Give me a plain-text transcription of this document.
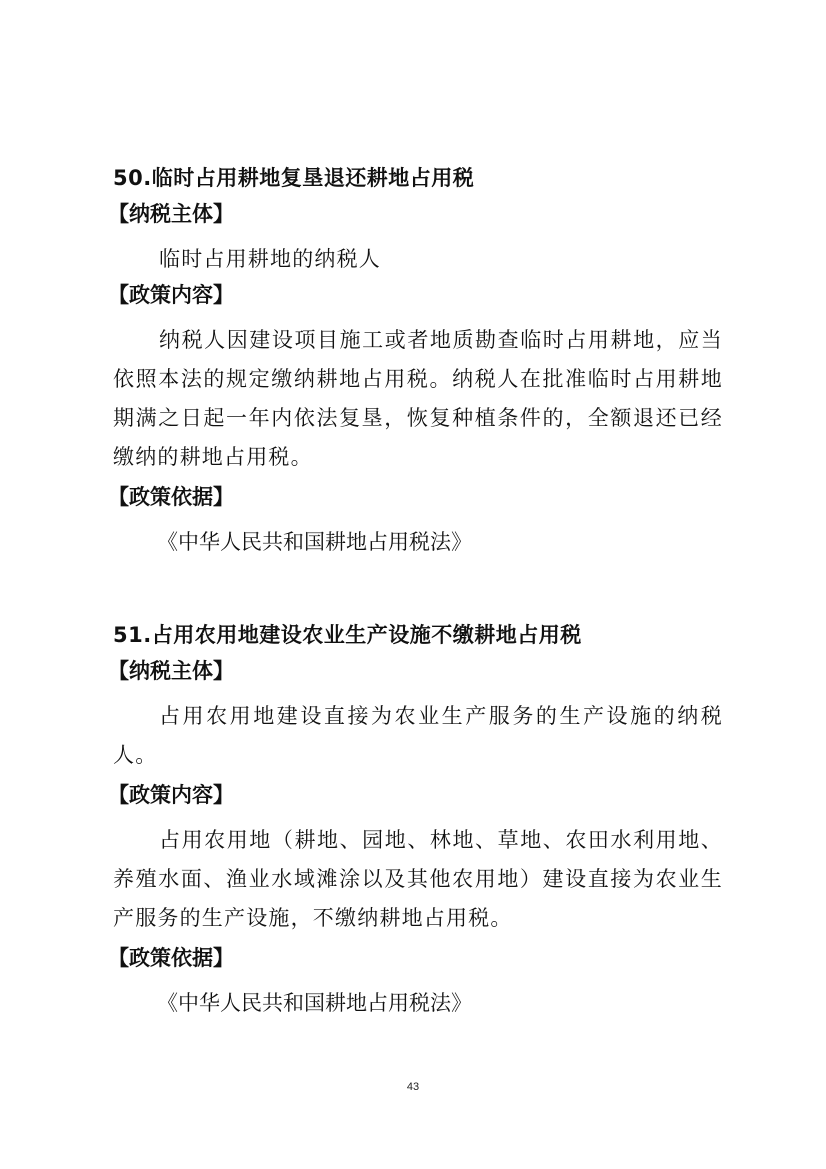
50.临时占用耕地复垦退还耕地占用税
【纳税主体】

临时占用耕地的纳税人

【政策内容】

纳税人因建设项目施工或者地质勘查临时占用耕地，应当依照本法的规定缴纳耕地占用税。纳税人在批准临时占用耕地期满之日起一年内依法复垦，恢复种植条件的，全额退还已经缴纳的耕地占用税。

【政策依据】
《中华人民共和国耕地占用税法》
51.占用农用地建设农业生产设施不缴耕地占用税
【纳税主体】

占用农用地建设直接为农业生产服务的生产设施的纳税人。

【政策内容】

占用农用地（耕地、园地、林地、草地、农田水利用地、养殖水面、渔业水域滩涂以及其他农用地）建设直接为农业生产服务的生产设施，不缴纳耕地占用税。

【政策依据】
《中华人民共和国耕地占用税法》
43
